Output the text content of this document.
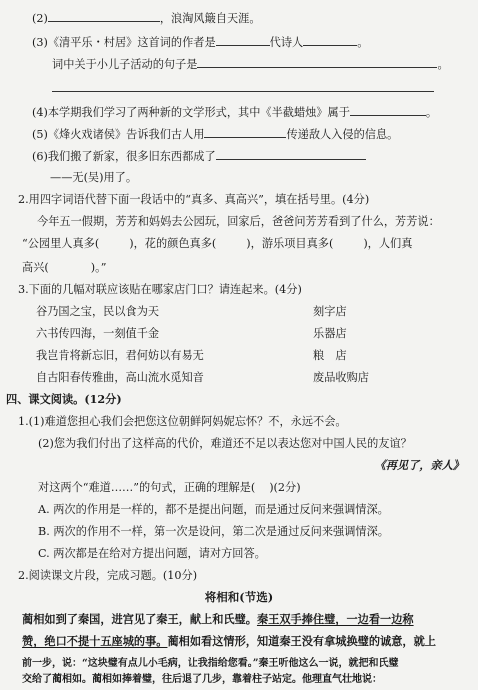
(2)	，浪淘风簸自天涯。
(3)《清平乐・村居》这首词的作者是	代诗人	。
词中关于小儿子活动的句子是	。
(4)本学期我们学习了两种新的文学形式，其中《半截蜡烛》属于	。
(5)《烽火戏诸侯》告诉我们古人用	传递敌人入侵的信息。
(6)我们搬了新家，很多旧东西都成了
——无(吴)用了。
2.用四字词语代替下面一段话中的“真多、真高兴”，填在括号里。(4分)
今年五一假期，芳芳和妈妈去公园玩，回家后，爸爸问芳芳看到了什么，芳芳说：
“公园里人真多(	)，花的颜色真多(	)，游乐项目真多(	)，人们真
高兴(	)。”
3.下面的几幅对联应该贴在哪家店门口？请连起来。(4分)
谷乃国之宝，民以食为天	刻字店
六书传四海，一刻值千金	乐器店
我岂肯将新忘旧，君何妨以有易无	粮　店
自古阳春传雅曲，高山流水觅知音	废品收购店
四、课文阅读。(12分)
1.(1)难道您担心我们会把您这位朝鲜阿妈妮忘怀？不，永远不会。
(2)您为我们付出了这样高的代价，难道还不足以表达您对中国人民的友谊？
《再见了，亲人》
对这两个“难道……”的句式，正确的理解是( )(2分)
A. 两次的作用是一样的，都不是提出问题，而是通过反问来强调情深。
B. 两次的作用不一样，第一次是设问，第二次是通过反问来强调情深。
C. 两次都是在给对方提出问题，请对方回答。
2.阅读课文片段，完成习题。(10分)
将相和(节选)
蔺相如到了秦国，进宫见了秦王，献上和氏璧。秦王双手捧住璧，一边看一边称
赞，绝口不提十五座城的事。蔺相如看这情形，知道秦王没有拿城换璧的诚意，就上
前一步，说：“这块璧有点儿小毛病，让我指给您看。”秦王听他这么一说，就把和氏璧
交给了蔺相如。蔺相如捧着璧，往后退了几步，靠着柱子站定。他理直气壮地说：
